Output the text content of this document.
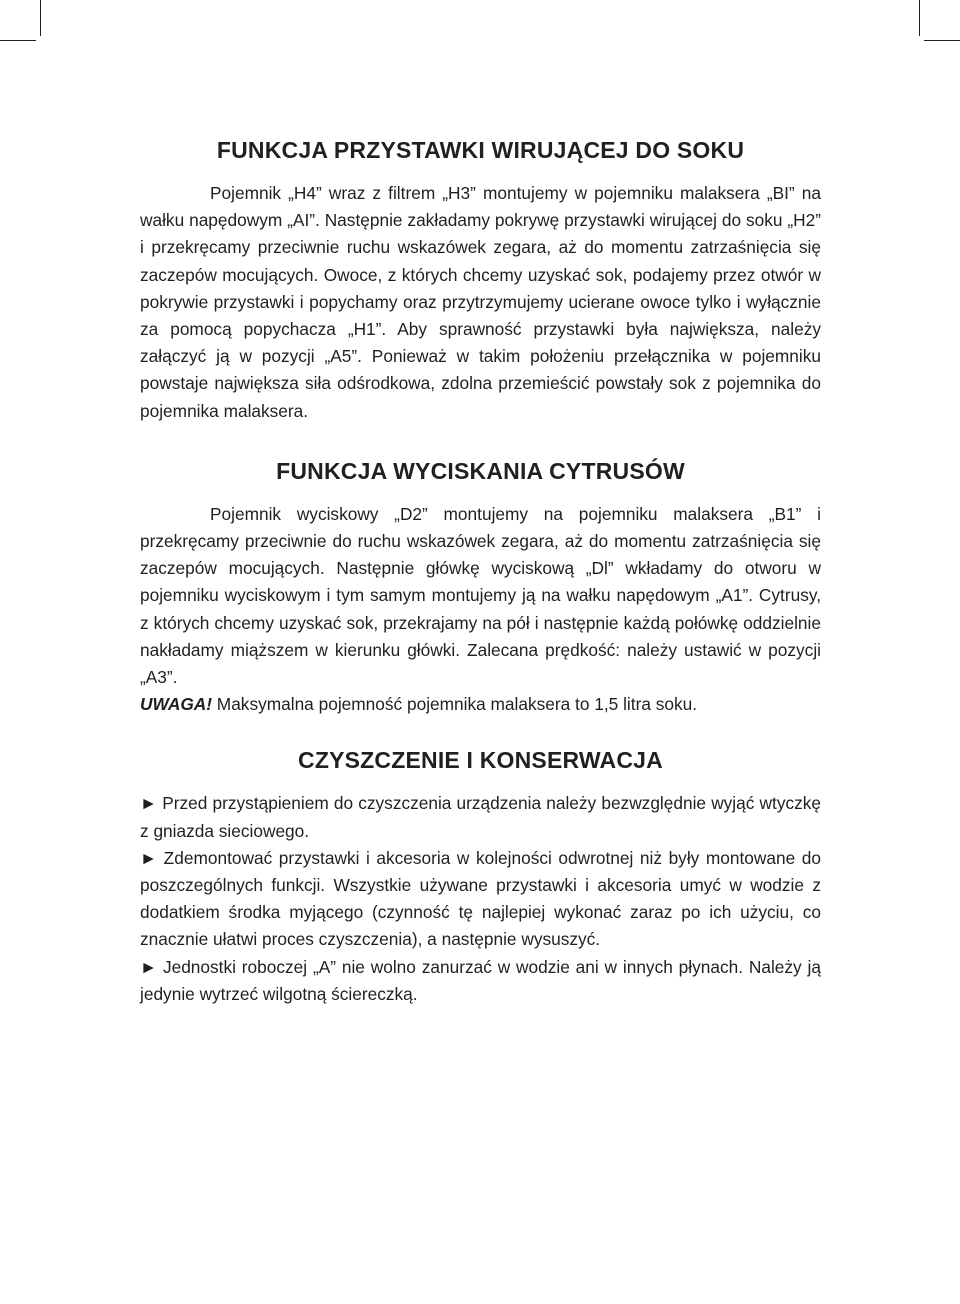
FUNKCJA PRZYSTAWKI WIRUJĄCEJ DO SOKU

Pojemnik „H4” wraz z filtrem „H3” montujemy w pojemniku malaksera „BI” na wałku napędowym „AI”. Następnie zakładamy pokrywę przystawki wirującej do soku „H2” i przekręcamy przeciwnie ruchu wskazówek zegara, aż do momentu zatrzaśnięcia się zaczepów mocujących. Owoce, z których chcemy uzyskać sok, podajemy przez otwór w pokrywie przystawki i popychamy oraz przytrzymujemy ucierane owoce tylko i wyłącznie za pomocą popychacza „H1”. Aby sprawność przystawki była największa, należy załączyć ją w pozycji „A5”. Ponieważ w takim położeniu przełącznika w pojemniku powstaje największa siła odśrodkowa, zdolna przemieścić powstały sok z pojemnika do pojemnika malaksera.

FUNKCJA WYCISKANIA CYTRUSÓW

Pojemnik wyciskowy „D2” montujemy na pojemniku malaksera „B1” i przekręcamy przeciwnie do ruchu wskazówek zegara, aż do momentu zatrzaśnięcia się zaczepów mocujących. Następnie główkę wyciskową „Dl” wkładamy do otworu w pojemniku wyciskowym i tym samym montujemy ją na wałku napędowym „A1”. Cytrusy, z których chcemy uzyskać sok, przekrajamy na pół i następnie każdą połówkę oddzielnie nakładamy miąższem w kierunku główki. Zalecana prędkość: należy ustawić w pozycji „A3”.

UWAGA! Maksymalna pojemność pojemnika malaksera to 1,5 litra soku.

CZYSZCZENIE I KONSERWACJA

► Przed przystąpieniem do czyszczenia urządzenia należy bezwzględnie wyjąć wtyczkę z gniazda sieciowego.

► Zdemontować przystawki i akcesoria w kolejności odwrotnej niż były montowane do poszczególnych funkcji. Wszystkie używane przystawki i akcesoria umyć w wodzie z dodatkiem środka myjącego (czynność tę najlepiej wykonać zaraz po ich użyciu, co znacznie ułatwi proces czyszczenia), a następnie wysuszyć.

► Jednostki roboczej „A” nie wolno zanurzać w wodzie ani w innych płynach. Należy ją jedynie wytrzeć wilgotną ściereczką.
